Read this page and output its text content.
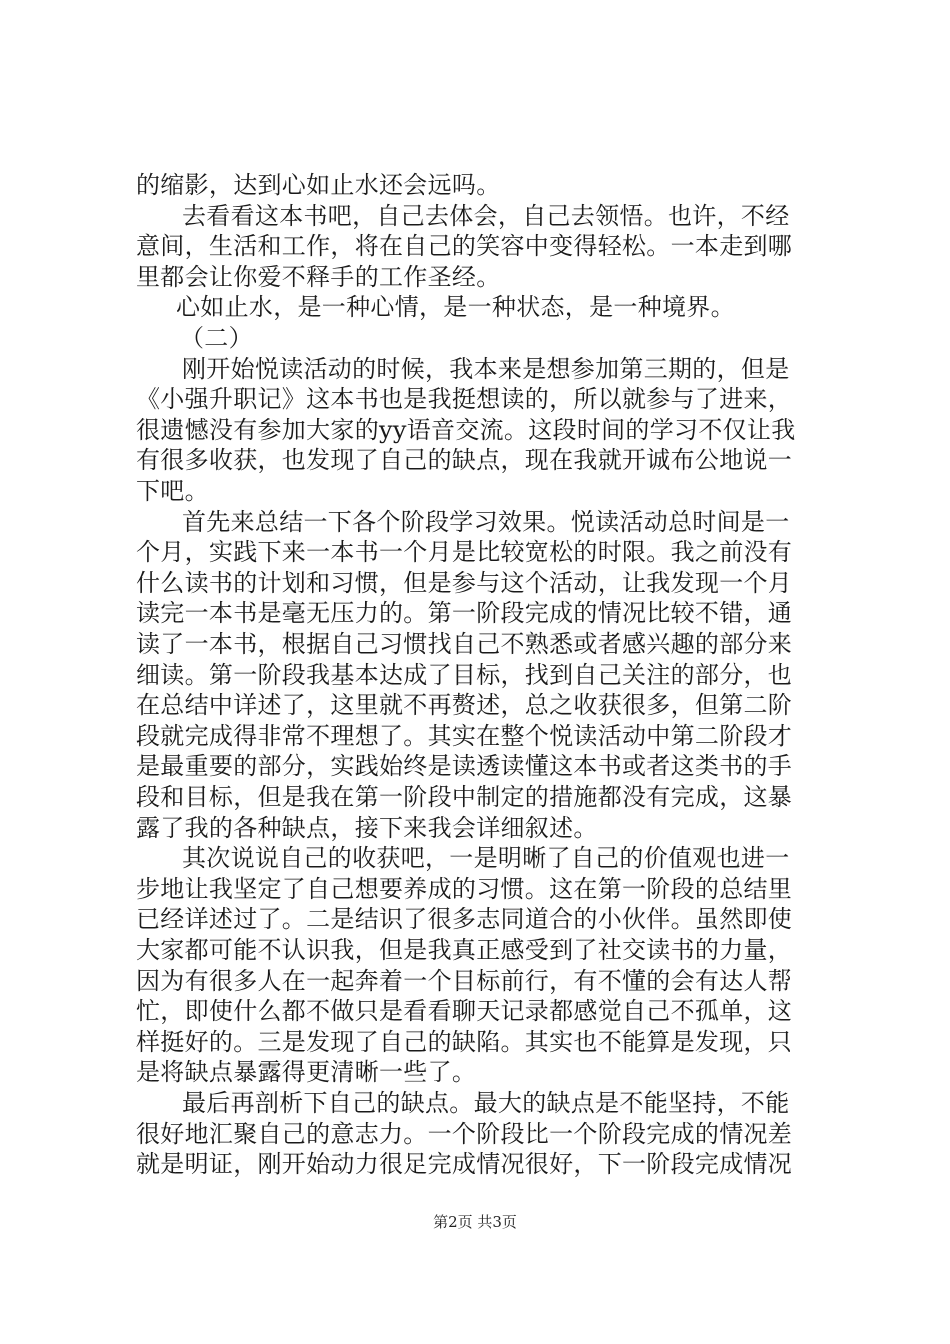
的缩影，达到心如止水还会远吗。
去看看这本书吧，自己去体会，自己去领悟。也许，不经
意间，生活和工作，将在自己的笑容中变得轻松。一本走到哪
里都会让你爱不释手的工作圣经。
心如止水，是一种心情，是一种状态，是一种境界。
（二）
刚开始悦读活动的时候，我本来是想参加第三期的，但是
《小强升职记》这本书也是我挺想读的，所以就参与了进来，
很遗憾没有参加大家的yy语音交流。这段时间的学习不仅让我
有很多收获，也发现了自己的缺点，现在我就开诚布公地说一
下吧。
首先来总结一下各个阶段学习效果。悦读活动总时间是一
个月，实践下来一本书一个月是比较宽松的时限。我之前没有
什么读书的计划和习惯，但是参与这个活动，让我发现一个月
读完一本书是毫无压力的。第一阶段完成的情况比较不错，通
读了一本书，根据自己习惯找自己不熟悉或者感兴趣的部分来
细读。第一阶段我基本达成了目标，找到自己关注的部分，也
在总结中详述了，这里就不再赘述，总之收获很多，但第二阶
段就完成得非常不理想了。其实在整个悦读活动中第二阶段才
是最重要的部分，实践始终是读透读懂这本书或者这类书的手
段和目标，但是我在第一阶段中制定的措施都没有完成，这暴
露了我的各种缺点，接下来我会详细叙述。
其次说说自己的收获吧，一是明晰了自己的价值观也进一
步地让我坚定了自己想要养成的习惯。这在第一阶段的总结里
已经详述过了。二是结识了很多志同道合的小伙伴。虽然即使
大家都可能不认识我，但是我真正感受到了社交读书的力量，
因为有很多人在一起奔着一个目标前行，有不懂的会有达人帮
忙，即使什么都不做只是看看聊天记录都感觉自己不孤单，这
样挺好的。三是发现了自己的缺陷。其实也不能算是发现，只
是将缺点暴露得更清晰一些了。
最后再剖析下自己的缺点。最大的缺点是不能坚持，不能
很好地汇聚自己的意志力。一个阶段比一个阶段完成的情况差
就是明证，刚开始动力很足完成情况很好，下一阶段完成情况
第2页 共3页
